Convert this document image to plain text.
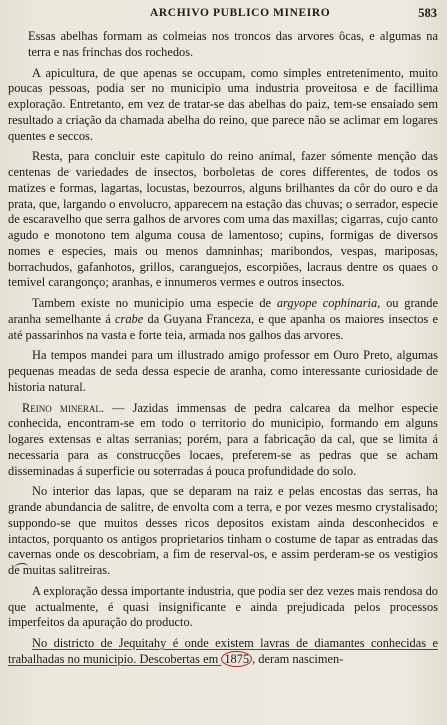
ARCHIVO PUBLICO MINEIRO	583

Essas abelhas formam as colmeias nos troncos das arvores ôcas, e algumas na terra e nas frinchas dos rochedos.

A apicultura, de que apenas se occupam, como simples entretenimento, muito poucas pessoas, podia ser no municipio uma industria proveitosa e de facillima exploração. Entretanto, em vez de tratar-se das abelhas do paiz, tem-se ensaiado sem resultado a criação da chamada abelha do reino, que parece não se aclimar em logares quentes e seccos.

Resta, para concluir este capitulo do reino animal, fazer sómente menção das centenas de variedades de insectos, borboletas de cores differentes, de todos os matizes e formas, lagartas, locustas, bezourros, alguns brilhantes da côr do ouro e da prata, que, largando o envolucro, apparecem na estação das chuvas; o serrador, especie de escaravelho que serra galhos de arvores com uma das maxillas; cigarras, cujo canto agudo e monotono tem alguma cousa de lamentoso; cupins, formigas de diversos nomes e especies, mais ou menos damninhas; maribondos, vespas, mariposas, borrachudos, gafanhotos, grillos, caranguejos, escorpiões, lacraus dentre os quaes o temivel carangonço; aranhas, e innumeros vermes e outros insectos.

Tambem existe no municipio uma especie de argyope cophinaria, ou grande aranha semelhante á crabe da Guyana Franceza, e que apanha os maiores insectos e até passarinhos na vasta e forte teia, armada nos galhos das arvores.

Ha tempos mandei para um illustrado amigo professor em Ouro Preto, algumas pequenas meadas de seda dessa especie de aranha, como interessante curiosidade de historia natural.

Reino mineral. — Jazidas immensas de pedra calcarea da melhor especie conhecida, encontram-se em todo o territorio do municipio, formando em alguns logares extensas e altas serranias; porém, para a fabricação da cal, que se limita á necessaria para as construcções locaes, preferem-se as pedras que se acham disseminadas á superficie ou soterradas á pouca profundidade do solo.

No interior das lapas, que se deparam na raiz e pelas encostas das serras, ha grande abundancia de salitre, de envolta com a terra, e por vezes mesmo crystalisado; suppondo-se que muitos desses ricos depositos existam ainda desconhecidos e intactos, porquanto os antigos proprietarios tinham o costume de tapar as entradas das cavernas onde os descobriam, a fim de reserval-os, e assim perderam-se os vestigios de muitas salitreiras.

A exploração dessa importante industria, que podia ser dez vezes mais rendosa do que actualmente, é quasi insignificante e ainda prejudicada pelos processos imperfeitos da apuração do producto.

No districto de Jequitahy é onde existem lavras de diamantes conhecidas e trabalhadas no municipio. Descobertas em 1875 , deram nascimen-
